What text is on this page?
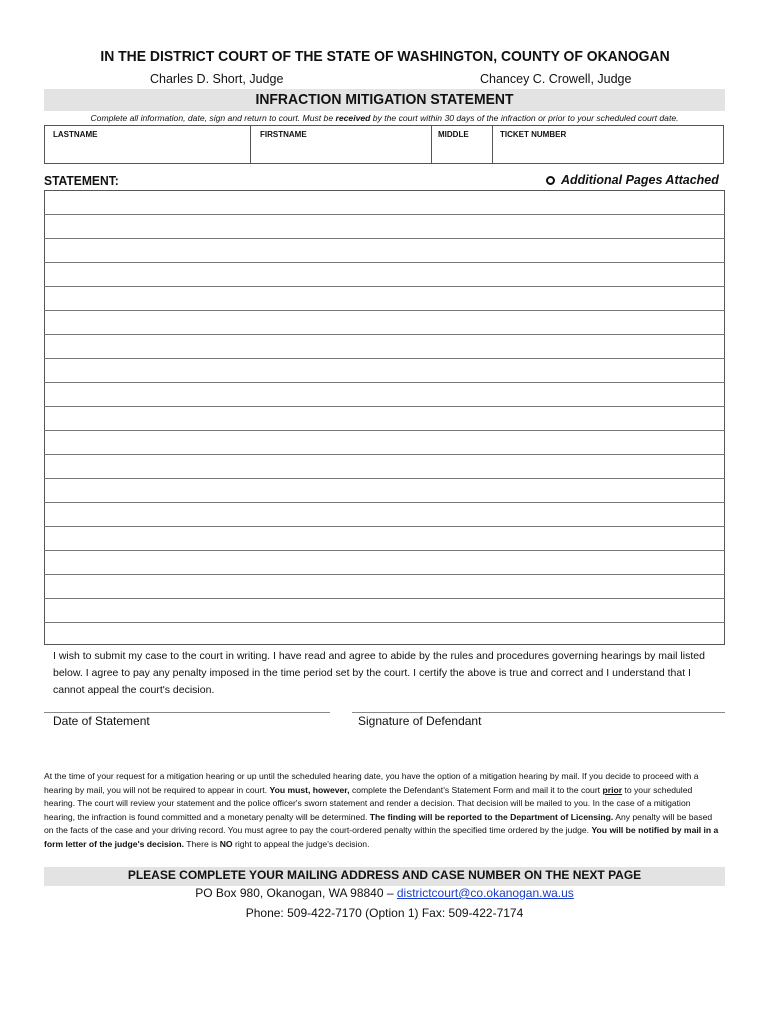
IN THE DISTRICT COURT OF THE STATE OF WASHINGTON, COUNTY OF OKANOGAN
Charles D. Short, Judge	Chancey C. Crowell, Judge
INFRACTION MITIGATION STATEMENT
Complete all information, date, sign and return to court. Must be received by the court within 30 days of the infraction or prior to your scheduled court date.
LASTNAME	FIRSTNAME	MIDDLE	TICKET NUMBER
STATEMENT:	Additional Pages Attached
I wish to submit my case to the court in writing. I have read and agree to abide by the rules and procedures governing hearings by mail listed below. I agree to pay any penalty imposed in the time period set by the court. I certify the above is true and correct and I understand that I cannot appeal the court's decision.
Date of Statement	Signature of Defendant
At the time of your request for a mitigation hearing or up until the scheduled hearing date, you have the option of a mitigation hearing by mail. If you decide to proceed with a hearing by mail, you will not be required to appear in court. You must, however, complete the Defendant's Statement Form and mail it to the court prior to your scheduled hearing. The court will review your statement and the police officer's sworn statement and render a decision. That decision will be mailed to you. In the case of a mitigation hearing, the infraction is found committed and a monetary penalty will be determined. The finding will be reported to the Department of Licensing. Any penalty will be based on the facts of the case and your driving record. You must agree to pay the court-ordered penalty within the specified time ordered by the judge. You will be notified by mail in a form letter of the judge's decision. There is NO right to appeal the judge's decision.
PLEASE COMPLETE YOUR MAILING ADDRESS AND CASE NUMBER ON THE NEXT PAGE
PO Box 980, Okanogan, WA 98840 – districtcourt@co.okanogan.wa.us
Phone: 509-422-7170 (Option 1) Fax: 509-422-7174
